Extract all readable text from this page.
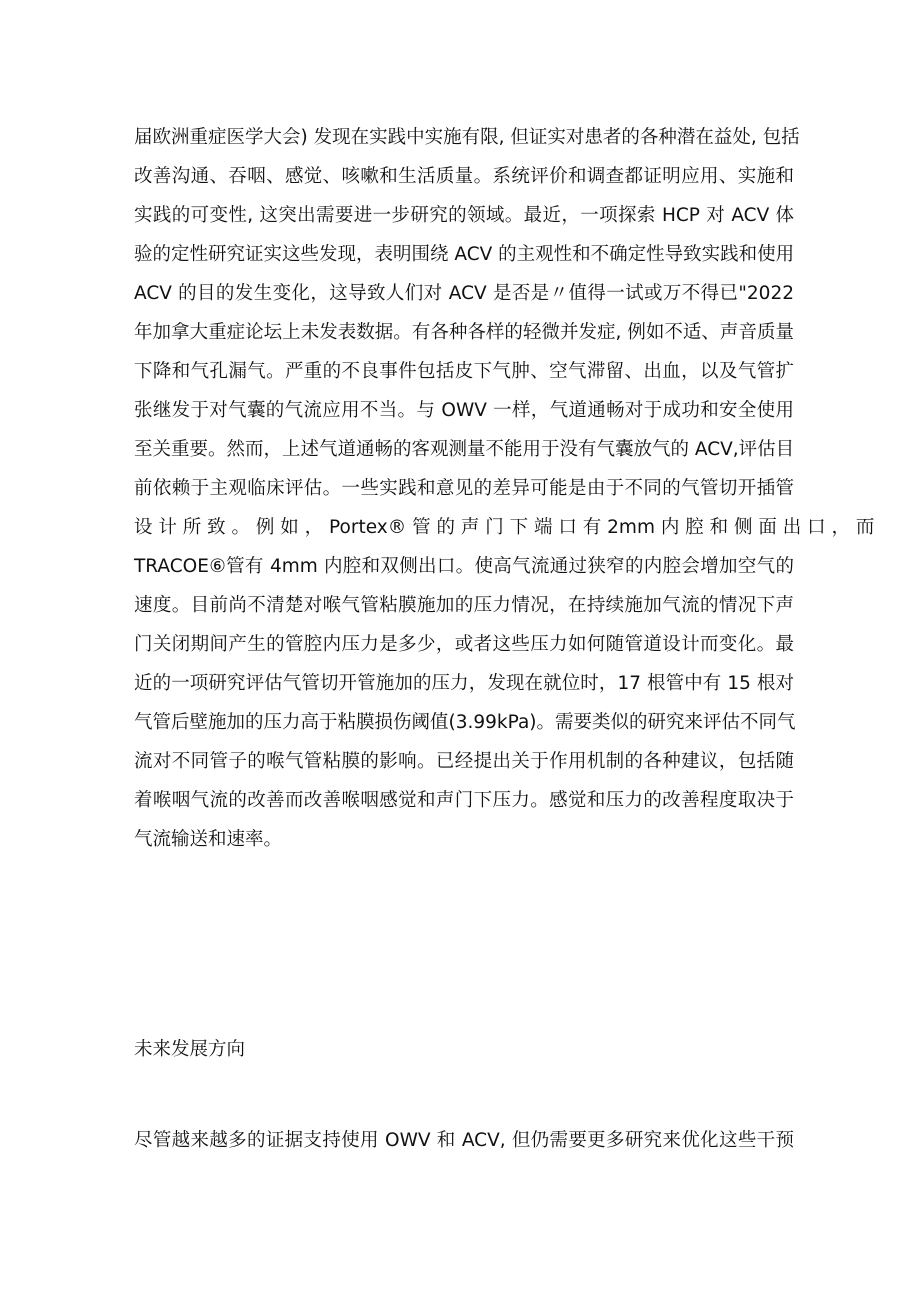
届欧洲重症医学大会) 发现在实践中实施有限, 但证实对患者的各种潜在益处, 包括
改善沟通、吞咽、感觉、咳嗽和生活质量。系统评价和调查都证明应用、实施和
实践的可变性, 这突出需要进一步研究的领域。最近，一项探索 HCP 对 ACV 体
验的定性研究证实这些发现，表明围绕 ACV 的主观性和不确定性导致实践和使用
ACV 的目的发生变化，这导致人们对 ACV 是否是〃值得一试或万不得已"2022
年加拿大重症论坛上未发表数据。有各种各样的轻微并发症, 例如不适、声音质量
下降和气孔漏气。严重的不良事件包括皮下气肿、空气滞留、出血，以及气管扩
张继发于对气囊的气流应用不当。与 OWV 一样，气道通畅对于成功和安全使用
至关重要。然而，上述气道通畅的客观测量不能用于没有气囊放气的 ACV,评估目
前依赖于主观临床评估。一些实践和意见的差异可能是由于不同的气管切开插管
设 计 所 致 。 例 如 ， Portex® 管 的 声 门 下 端 口 有 2mm 内 腔 和 侧 面 出 口 ， 而
TRACOE⑥管有 4mm 内腔和双侧出口。使高气流通过狭窄的内腔会增加空气的
速度。目前尚不清楚对喉气管粘膜施加的压力情况，在持续施加气流的情况下声
门关闭期间产生的管腔内压力是多少，或者这些压力如何随管道设计而变化。最
近的一项研究评估气管切开管施加的压力，发现在就位时，17 根管中有 15 根对
气管后壁施加的压力高于粘膜损伤阈值(3.99kPa)。需要类似的研究来评估不同气
流对不同管子的喉气管粘膜的影响。已经提出关于作用机制的各种建议，包括随
着喉咽气流的改善而改善喉咽感觉和声门下压力。感觉和压力的改善程度取决于
气流输送和速率。
未来发展方向
尽管越来越多的证据支持使用 OWV 和 ACV, 但仍需要更多研究来优化这些干预
